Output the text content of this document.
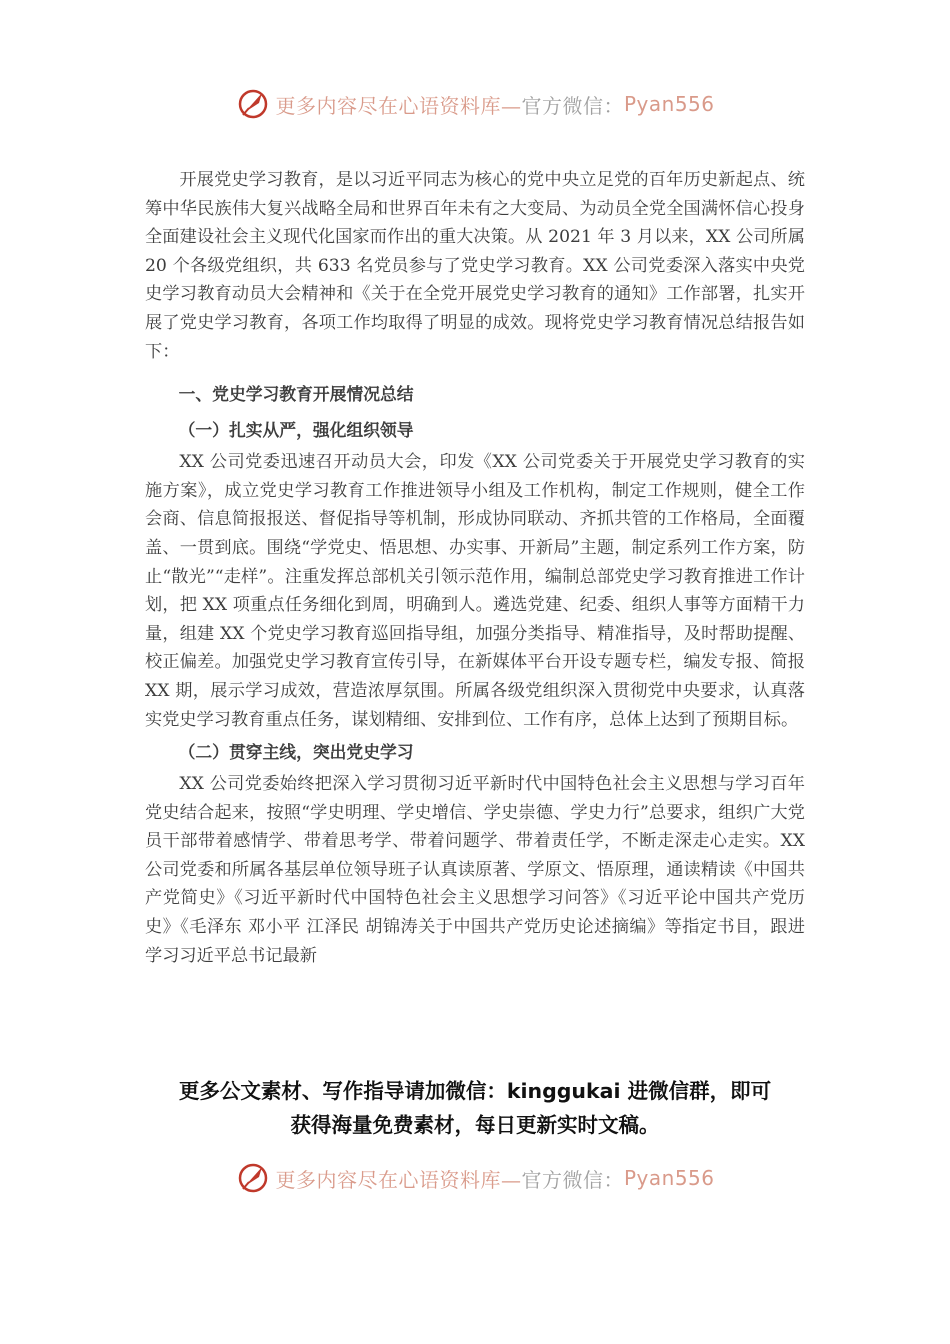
更多内容尽在心语资料库— 官方微信： Pyan556

开展党史学习教育，是以习近平同志为核心的党中央立足党的百年历史新起点、统筹中华民族伟大复兴战略全局和世界百年未有之大变局、为动员全党全国满怀信心投身全面建设社会主义现代化国家而作出的重大决策。从 2021 年 3 月以来，XX 公司所属 20 个各级党组织，共 633 名党员参与了党史学习教育。XX 公司党委深入落实中央党史学习教育动员大会精神和《关于在全党开展党史学习教育的通知》工作部署，扎实开展了党史学习教育，各项工作均取得了明显的成效。现将党史学习教育情况总结报告如下：

一、党史学习教育开展情况总结

（一）扎实从严，强化组织领导

XX 公司党委迅速召开动员大会，印发《XX 公司党委关于开展党史学习教育的实施方案》，成立党史学习教育工作推进领导小组及工作机构，制定工作规则，健全工作会商、信息简报报送、督促指导等机制，形成协同联动、齐抓共管的工作格局，全面覆盖、一贯到底。围绕“学党史、悟思想、办实事、开新局”主题，制定系列工作方案，防止“散光”“走样”。注重发挥总部机关引领示范作用，编制总部党史学习教育推进工作计划，把 XX 项重点任务细化到周，明确到人。遴选党建、纪委、组织人事等方面精干力量，组建 XX 个党史学习教育巡回指导组，加强分类指导、精准指导，及时帮助提醒、校正偏差。加强党史学习教育宣传引导，在新媒体平台开设专题专栏，编发专报、简报 XX 期，展示学习成效，营造浓厚氛围。所属各级党组织深入贯彻党中央要求，认真落实党史学习教育重点任务，谋划精细、安排到位、工作有序，总体上达到了预期目标。

（二）贯穿主线，突出党史学习

XX 公司党委始终把深入学习贯彻习近平新时代中国特色社会主义思想与学习百年党史结合起来，按照“学史明理、学史增信、学史崇德、学史力行”总要求，组织广大党员干部带着感情学、带着思考学、带着问题学、带着责任学，不断走深走心走实。XX 公司党委和所属各基层单位领导班子认真读原著、学原文、悟原理，通读精读《中国共产党简史》《习近平新时代中国特色社会主义思想学习问答》《习近平论中国共产党历史》《毛泽东 邓小平 江泽民 胡锦涛关于中国共产党历史论述摘编》等指定书目，跟进学习习近平总书记最新

更多公文素材、写作指导请加微信：kinggukai 进微信群，即可
获得海量免费素材，每日更新实时文稿。
更多内容尽在心语资料库— 官方微信： Pyan556
